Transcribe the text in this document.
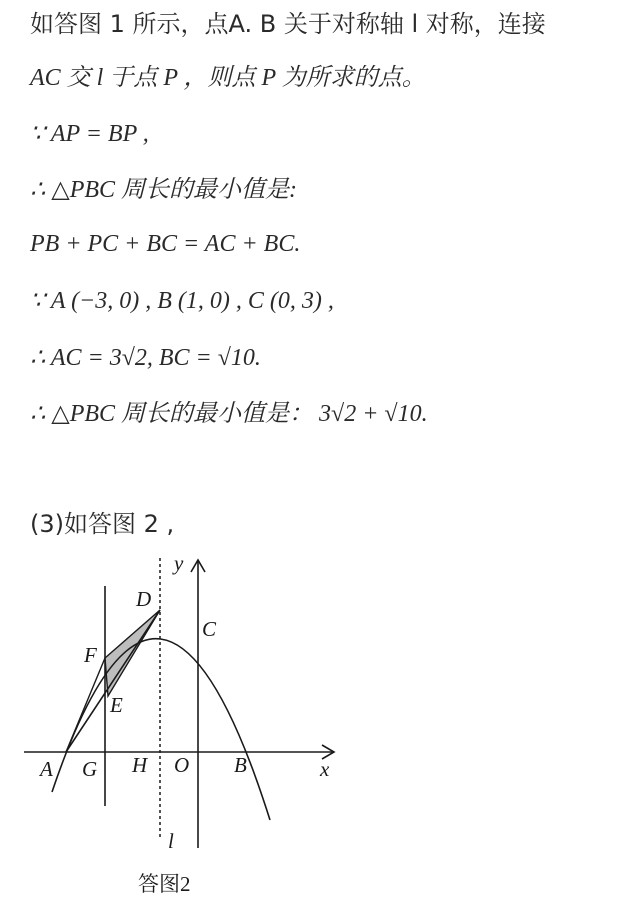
如答图 1 所示，点A. B 关于对称轴 l 对称，连接
AC 交 l 于点 P ，则点 P 为所求的点。
∵ AP = BP ,
∴ △PBC 周长的最小值是:
PB + PC + BC = AC + BC.
∵ A (−3, 0) , B (1, 0) , C (0, 3) ,
∴ AC = 3√2, BC = √10.
∴ △PBC 周长的最小值是： 3√2 + √10.
(3)如答图 2 ,
y
D
C
F
E
A G H O B	x
l
答图2
